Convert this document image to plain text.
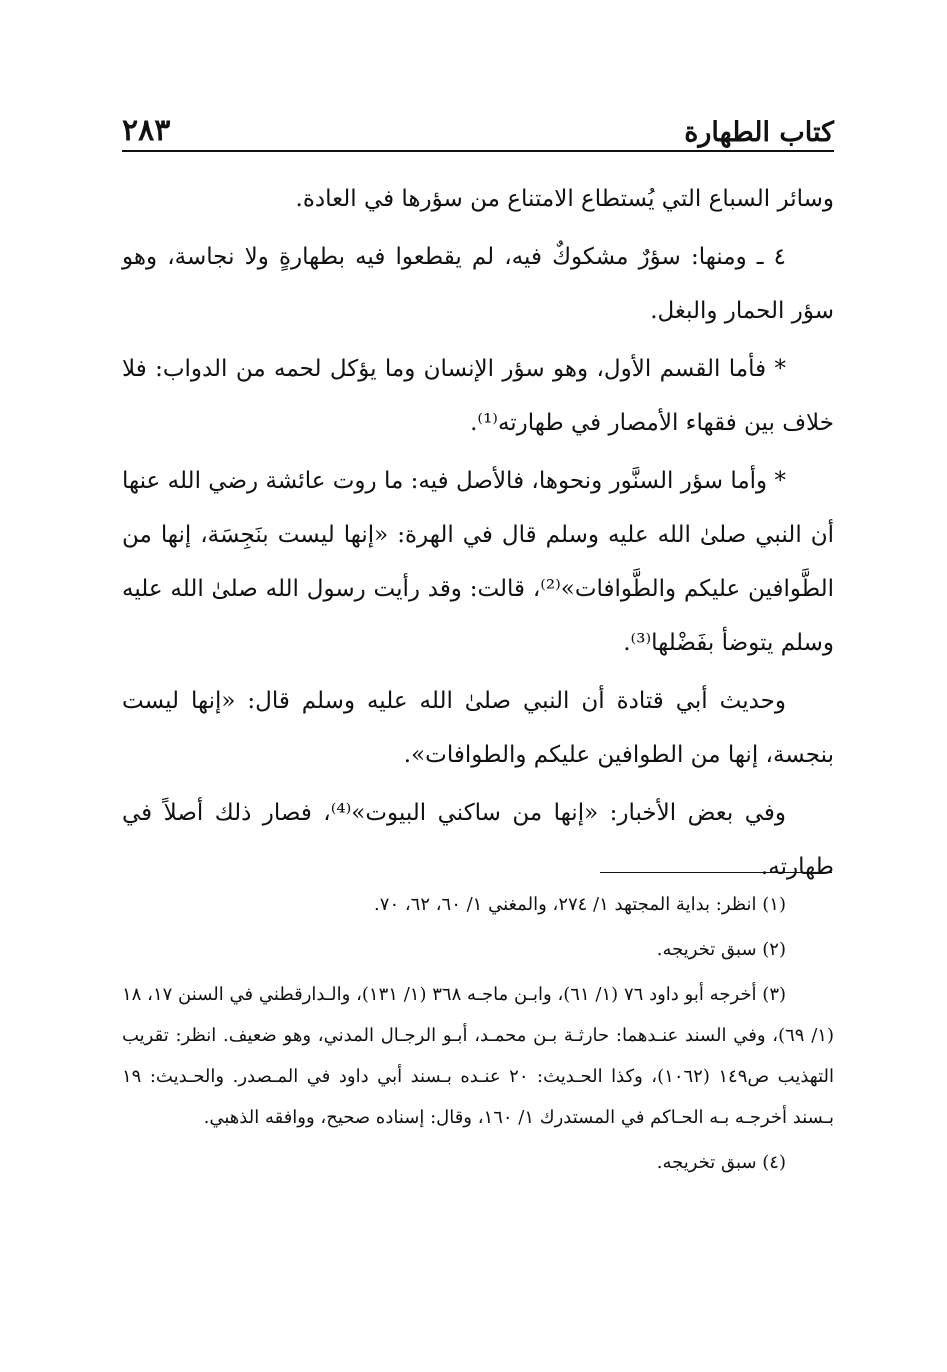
كتاب الطهارة
٢٨٣

وسائر السباع التي يُستطاع الامتناع من سؤرها في العادة.

٤ ـ ومنها: سؤرٌ مشكوكٌ فيه، لم يقطعوا فيه بطهارةٍ ولا نجاسة، وهو سؤر الحمار والبغل.

* فأما القسم الأول، وهو سؤر الإنسان وما يؤكل لحمه من الدواب: فلا خلاف بين فقهاء الأمصار في طهارته⁽¹⁾.

* وأما سؤر السنَّور ونحوها، فالأصل فيه: ما روت عائشة رضي الله عنها أن النبي صلىٰ الله عليه وسلم قال في الهرة: «إنها ليست بنَجِسَة، إنها من الطَّوافين عليكم والطَّوافات»⁽²⁾، قالت: وقد رأيت رسول الله صلىٰ الله عليه وسلم يتوضأ بفَضْلها⁽³⁾.

وحديث أبي قتادة أن النبي صلىٰ الله عليه وسلم قال: «إنها ليست بنجسة، إنها من الطوافين عليكم والطوافات».

وفي بعض الأخبار: «إنها من ساكني البيوت»⁽⁴⁾، فصار ذلك أصلاً في طهارته.

(١) انظر: بداية المجتهد ١/ ٢٧٤، والمغني ١/ ٦٠، ٦٢، ٧٠.

(٢) سبق تخريجه.

(٣) أخرجه أبو داود ٧٦ (١/ ٦١)، وابـن ماجـه ٣٦٨ (١/ ١٣١)، والـدارقطني في السنن ١٧، ١٨ (١/ ٦٩)، وفي السند عنـدهما: حارثـة بـن محمـد، أبـو الرجـال المدني، وهو ضعيف. انظر: تقريب التهذيب ص١٤٩ (١٠٦٢)، وكذا الحـديث: ٢٠ عنـده بـسند أبي داود في المـصدر. والحـديث: ١٩ بـسند أخرجـه بـه الحـاكم في المستدرك ١/ ١٦٠، وقال: إسناده صحيح، ووافقه الذهبي.

(٤) سبق تخريجه.
